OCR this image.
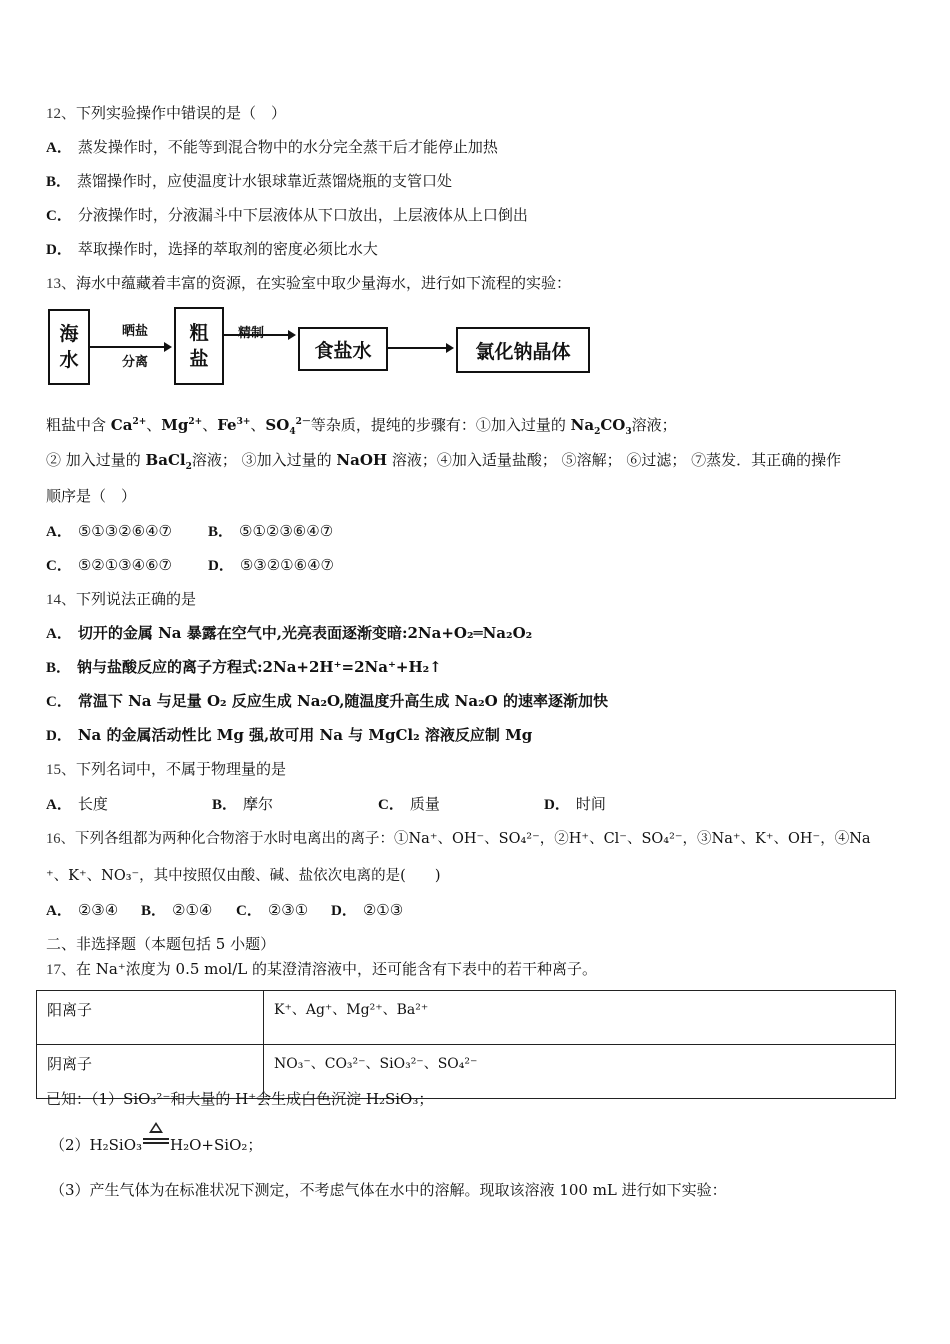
12、下列实验操作中错误的是（　）
A． 蒸发操作时，不能等到混合物中的水分完全蒸干后才能停止加热
B． 蒸馏操作时，应使温度计水银球靠近蒸馏烧瓶的支管口处
C． 分液操作时，分液漏斗中下层液体从下口放出，上层液体从上口倒出
D． 萃取操作时，选择的萃取剂的密度必须比水大
13、海水中蕴藏着丰富的资源，在实验室中取少量海水，进行如下流程的实验：
海
水
晒盐
分离
粗
盐	食盐水	氯化钠晶体
粗盐中含 $Ca^{2+}$、$Mg^{2+}$、$Fe^{3+}$、$SO_4^{2-}$等杂质，提纯的步骤有：①加入过量的 $Na_2CO_3$溶液；
② 加入过量的 BaCl$_2$溶液； ③加入过量的 NaOH 溶液；④加入适量盐酸； ⑤溶解； ⑥过滤； ⑦蒸发．其正确的操作
顺序是（　）
A． ⑤①③②⑥④⑦ B． ⑤①②③⑥④⑦
C． ⑤②①③④⑥⑦ D． ⑤③②①⑥④⑦
14、下列说法正确的是
A． 切开的金属 Na 暴露在空气中,光亮表面逐渐变暗:2Na+O₂═Na₂O₂
B． 钠与盐酸反应的离子方程式:2Na+2H⁺=2Na⁺+H₂↑
C． 常温下 Na 与足量 O₂ 反应生成 Na₂O,随温度升高生成 Na₂O 的速率逐渐加快
D． Na 的金属活动性比 Mg 强,故可用 Na 与 MgCl₂ 溶液反应制 Mg
15、下列名词中，不属于物理量的是
A． 长度	B． 摩尔	C． 质量	D． 时间
16、下列各组都为两种化合物溶于水时电离出的离子：①Na⁺、OH⁻、SO₄²⁻，②H⁺、Cl⁻、SO₄²⁻，③Na⁺、K⁺、OH⁻，④Na
⁺、K⁺、NO₃⁻，其中按照仅由酸、碱、盐依次电离的是(　　)
A． ②③④ B． ②①④ C． ②③① D． ②①③
二、非选择题（本题包括 5 小题）
17、在 Na⁺浓度为 0.5 mol/L 的某澄清溶液中，还可能含有下表中的若干种离子。
阳离子	K⁺、Ag⁺、Mg²⁺、Ba²⁺
阴离子	NO₃⁻、CO₃²⁻、SiO₃²⁻、SO₄²⁻
已知：（1）SiO₃²⁻和大量的 H⁺会生成白色沉淀 H₂SiO₃；
（2）H₂SiO₃ H₂O+SiO₂；
（3）产生气体为在标准状况下测定，不考虑气体在水中的溶解。现取该溶液 100 mL 进行如下实验：
